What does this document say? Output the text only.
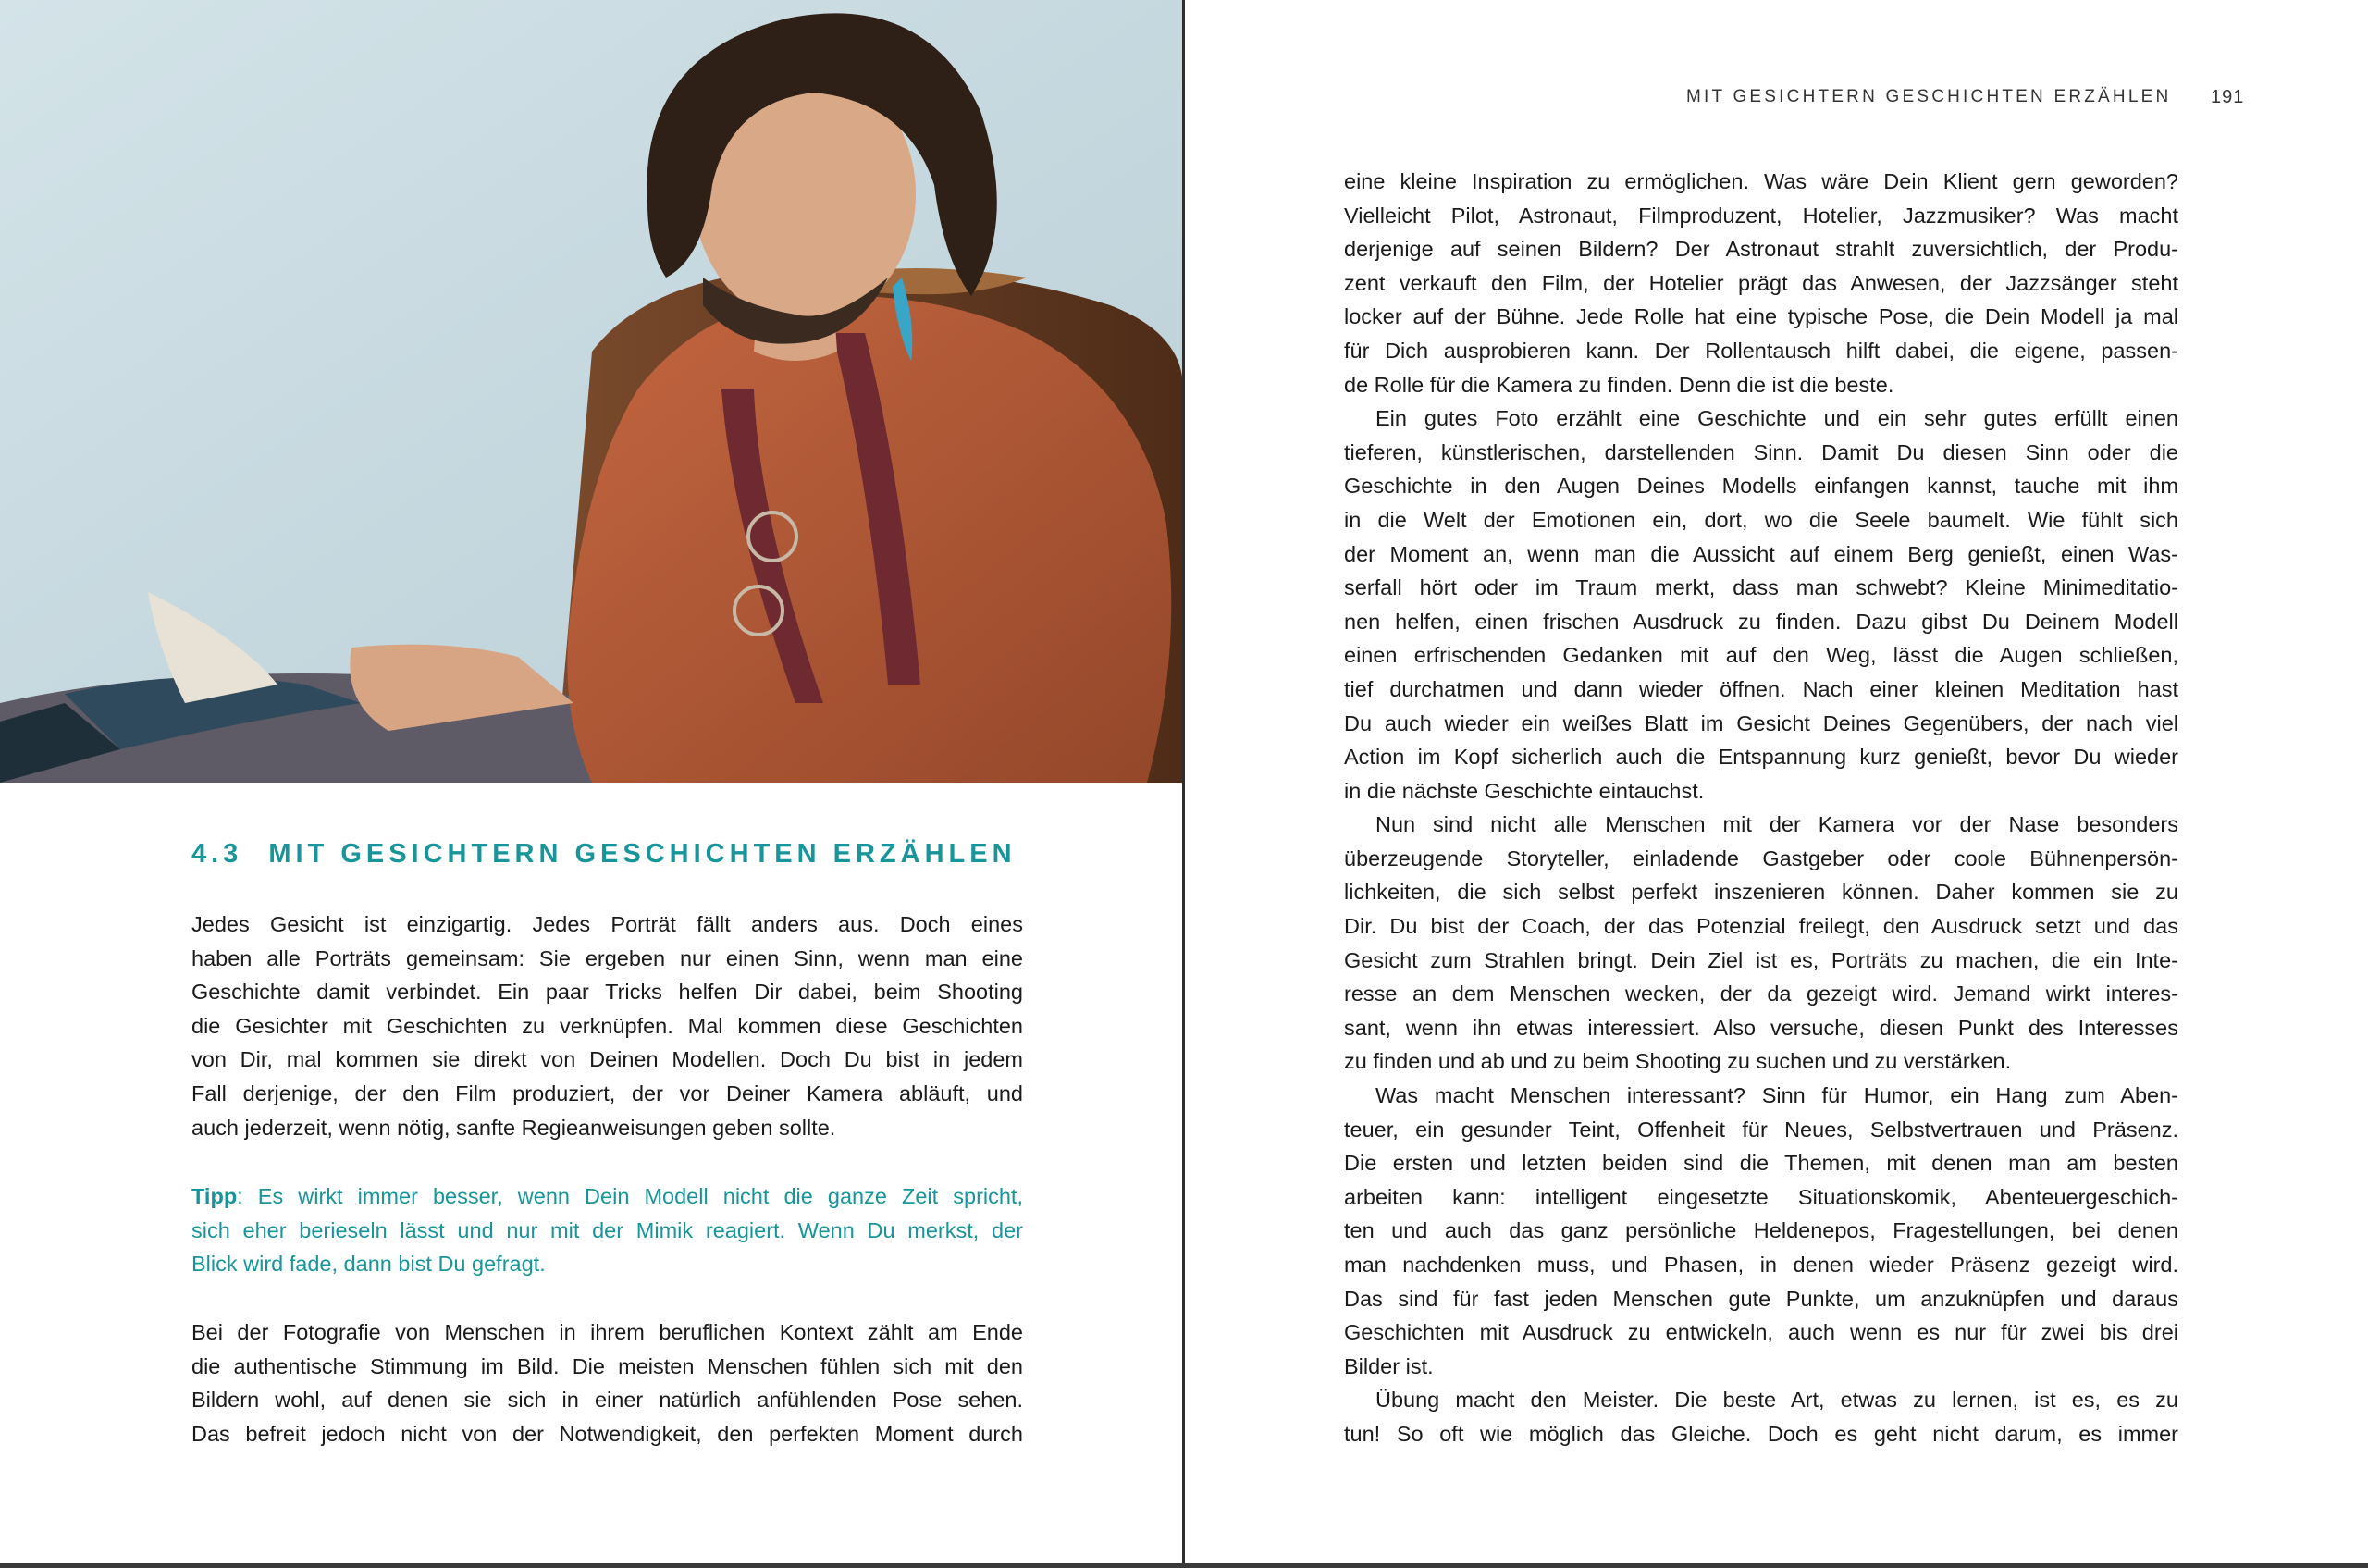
4.3 MIT GESICHTERN GESCHICHTEN ERZÄHLEN

Jedes Gesicht ist einzigartig. Jedes Porträt fällt anders aus. Doch eines
haben alle Porträts gemeinsam: Sie ergeben nur einen Sinn, wenn man eine
Geschichte damit verbindet. Ein paar Tricks helfen Dir dabei, beim Shooting
die Gesichter mit Geschichten zu verknüpfen. Mal kommen diese Geschichten
von Dir, mal kommen sie direkt von Deinen Modellen. Doch Du bist in jedem
Fall derjenige, der den Film produziert, der vor Deiner Kamera abläuft, und
auch jederzeit, wenn nötig, sanfte Regieanweisungen geben sollte.

Tipp: Es wirkt immer besser, wenn Dein Modell nicht die ganze Zeit spricht,
sich eher berieseln lässt und nur mit der Mimik reagiert. Wenn Du merkst, der
Blick wird fade, dann bist Du gefragt.

Bei der Fotografie von Menschen in ihrem beruflichen Kontext zählt am Ende
die authentische Stimmung im Bild. Die meisten Menschen fühlen sich mit den
Bildern wohl, auf denen sie sich in einer natürlich anfühlenden Pose sehen.
Das befreit jedoch nicht von der Notwendigkeit, den perfekten Moment durch

MIT GESICHTERN GESCHICHTEN ERZÄHLEN 191

eine kleine Inspiration zu ermöglichen. Was wäre Dein Klient gern geworden?
Vielleicht Pilot, Astronaut, Filmproduzent, Hotelier, Jazzmusiker? Was macht
derjenige auf seinen Bildern? Der Astronaut strahlt zuversichtlich, der Produ-
zent verkauft den Film, der Hotelier prägt das Anwesen, der Jazzsänger steht
locker auf der Bühne. Jede Rolle hat eine typische Pose, die Dein Modell ja mal
für Dich ausprobieren kann. Der Rollentausch hilft dabei, die eigene, passen-
de Rolle für die Kamera zu finden. Denn die ist die beste.
Ein gutes Foto erzählt eine Geschichte und ein sehr gutes erfüllt einen
tieferen, künstlerischen, darstellenden Sinn. Damit Du diesen Sinn oder die
Geschichte in den Augen Deines Modells einfangen kannst, tauche mit ihm
in die Welt der Emotionen ein, dort, wo die Seele baumelt. Wie fühlt sich
der Moment an, wenn man die Aussicht auf einem Berg genießt, einen Was-
serfall hört oder im Traum merkt, dass man schwebt? Kleine Minimeditatio-
nen helfen, einen frischen Ausdruck zu finden. Dazu gibst Du Deinem Modell
einen erfrischenden Gedanken mit auf den Weg, lässt die Augen schließen,
tief durchatmen und dann wieder öffnen. Nach einer kleinen Meditation hast
Du auch wieder ein weißes Blatt im Gesicht Deines Gegenübers, der nach viel
Action im Kopf sicherlich auch die Entspannung kurz genießt, bevor Du wieder
in die nächste Geschichte eintauchst.
Nun sind nicht alle Menschen mit der Kamera vor der Nase besonders
überzeugende Storyteller, einladende Gastgeber oder coole Bühnenpersön-
lichkeiten, die sich selbst perfekt inszenieren können. Daher kommen sie zu
Dir. Du bist der Coach, der das Potenzial freilegt, den Ausdruck setzt und das
Gesicht zum Strahlen bringt. Dein Ziel ist es, Porträts zu machen, die ein Inte-
resse an dem Menschen wecken, der da gezeigt wird. Jemand wirkt interes-
sant, wenn ihn etwas interessiert. Also versuche, diesen Punkt des Interesses
zu finden und ab und zu beim Shooting zu suchen und zu verstärken.
Was macht Menschen interessant? Sinn für Humor, ein Hang zum Aben-
teuer, ein gesunder Teint, Offenheit für Neues, Selbstvertrauen und Präsenz.
Die ersten und letzten beiden sind die Themen, mit denen man am besten
arbeiten kann: intelligent eingesetzte Situationskomik, Abenteuergeschich-
ten und auch das ganz persönliche Heldenepos, Fragestellungen, bei denen
man nachdenken muss, und Phasen, in denen wieder Präsenz gezeigt wird.
Das sind für fast jeden Menschen gute Punkte, um anzuknüpfen und daraus
Geschichten mit Ausdruck zu entwickeln, auch wenn es nur für zwei bis drei
Bilder ist.
Übung macht den Meister. Die beste Art, etwas zu lernen, ist es, es zu
tun! So oft wie möglich das Gleiche. Doch es geht nicht darum, es immer
